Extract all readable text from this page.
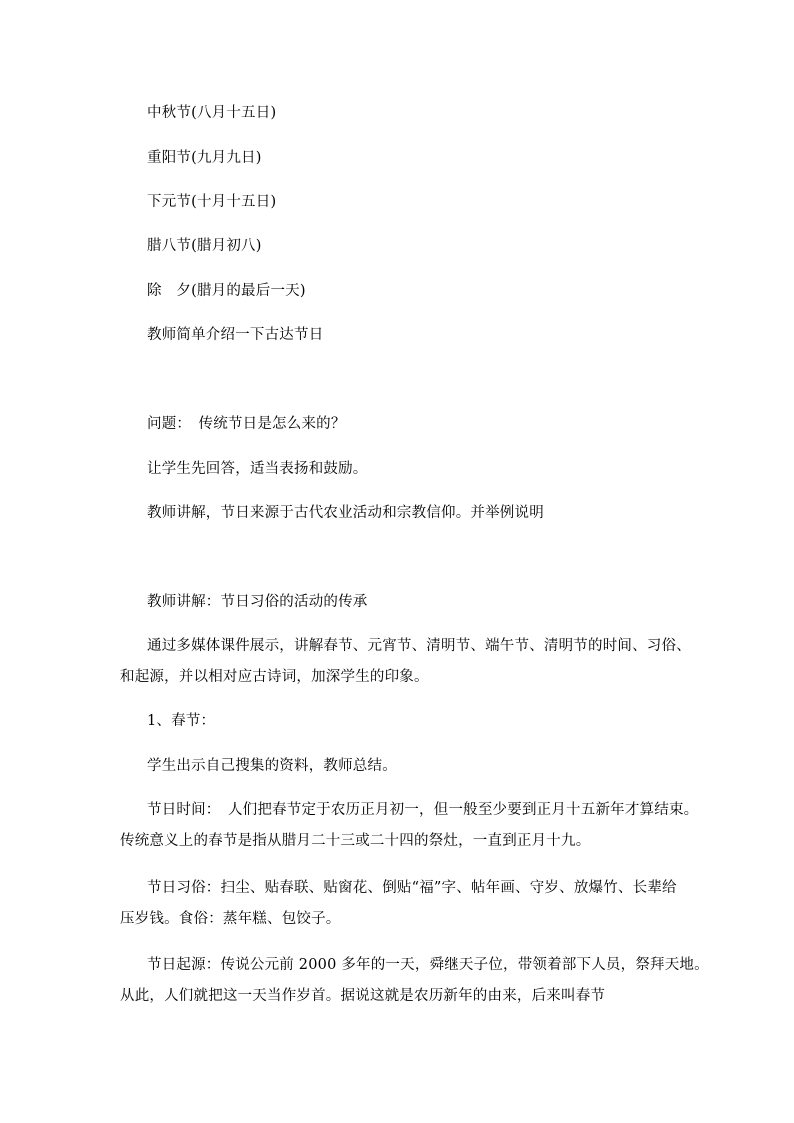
中秋节(八月十五日)
重阳节(九月九日)
下元节(十月十五日)
腊八节(腊月初八)
除　夕(腊月的最后一天)
教师简单介绍一下古达节日
问题：　传统节日是怎么来的？
让学生先回答，适当表扬和鼓励。
教师讲解，节日来源于古代农业活动和宗教信仰。并举例说明
教师讲解：节日习俗的活动的传承
通过多媒体课件展示，讲解春节、元宵节、清明节、端午节、清明节的时间、习俗、
和起源，并以相对应古诗词，加深学生的印象。
1、春节：
学生出示自己搜集的资料，教师总结。
节日时间：　人们把春节定于农历正月初一，但一般至少要到正月十五新年才算结束。
传统意义上的春节是指从腊月二十三或二十四的祭灶，一直到正月十九。
节日习俗：扫尘、贴春联、贴窗花、倒贴“福”字、帖年画、守岁、放爆竹、长辈给
压岁钱。食俗：蒸年糕、包饺子。
节日起源：传说公元前 2000 多年的一天，舜继天子位，带领着部下人员，祭拜天地。
从此，人们就把这一天当作岁首。据说这就是农历新年的由来，后来叫春节
